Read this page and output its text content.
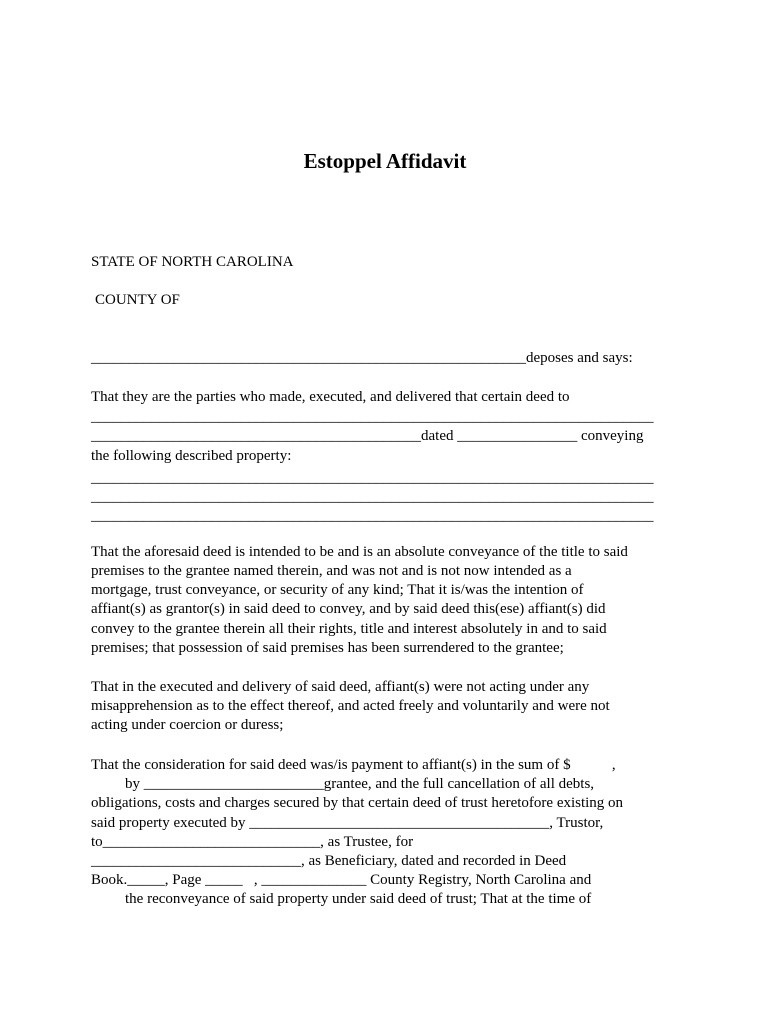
Estoppel Affidavit
STATE OF NORTH CAROLINA
COUNTY OF
__________________________________________________________deposes and says:
That they are the parties who made, executed, and delivered that certain deed to
___________________________________________________________________________
____________________________________________dated ________________ conveying
the following described property:
___________________________________________________________________________
___________________________________________________________________________
___________________________________________________________________________
That the aforesaid deed is intended to be and is an absolute conveyance of the title to said
premises to the grantee named therein, and was not and is not now intended as a
mortgage, trust conveyance, or security of any kind; That it is/was the intention of
affiant(s) as grantor(s) in said deed to convey, and by said deed this(ese) affiant(s) did
convey to the grantee therein all their rights, title and interest absolutely in and to said
premises; that possession of said premises has been surrendered to the grantee;
That in the executed and delivery of said deed, affiant(s) were not acting under any
misapprehension as to the effect thereof, and acted freely and voluntarily and were not
acting under coercion or duress;
That the consideration for said deed was/is payment to affiant(s) in the sum of $           ,
by ________________________grantee, and the full cancellation of all debts,
obligations, costs and charges secured by that certain deed of trust heretofore existing on
said property executed by ________________________________________, Trustor,
to_____________________________, as Trustee, for
____________________________, as Beneficiary, dated and recorded in Deed
Book._____, Page _____   , ______________ County Registry, North Carolina and
the reconveyance of said property under said deed of trust; That at the time of
